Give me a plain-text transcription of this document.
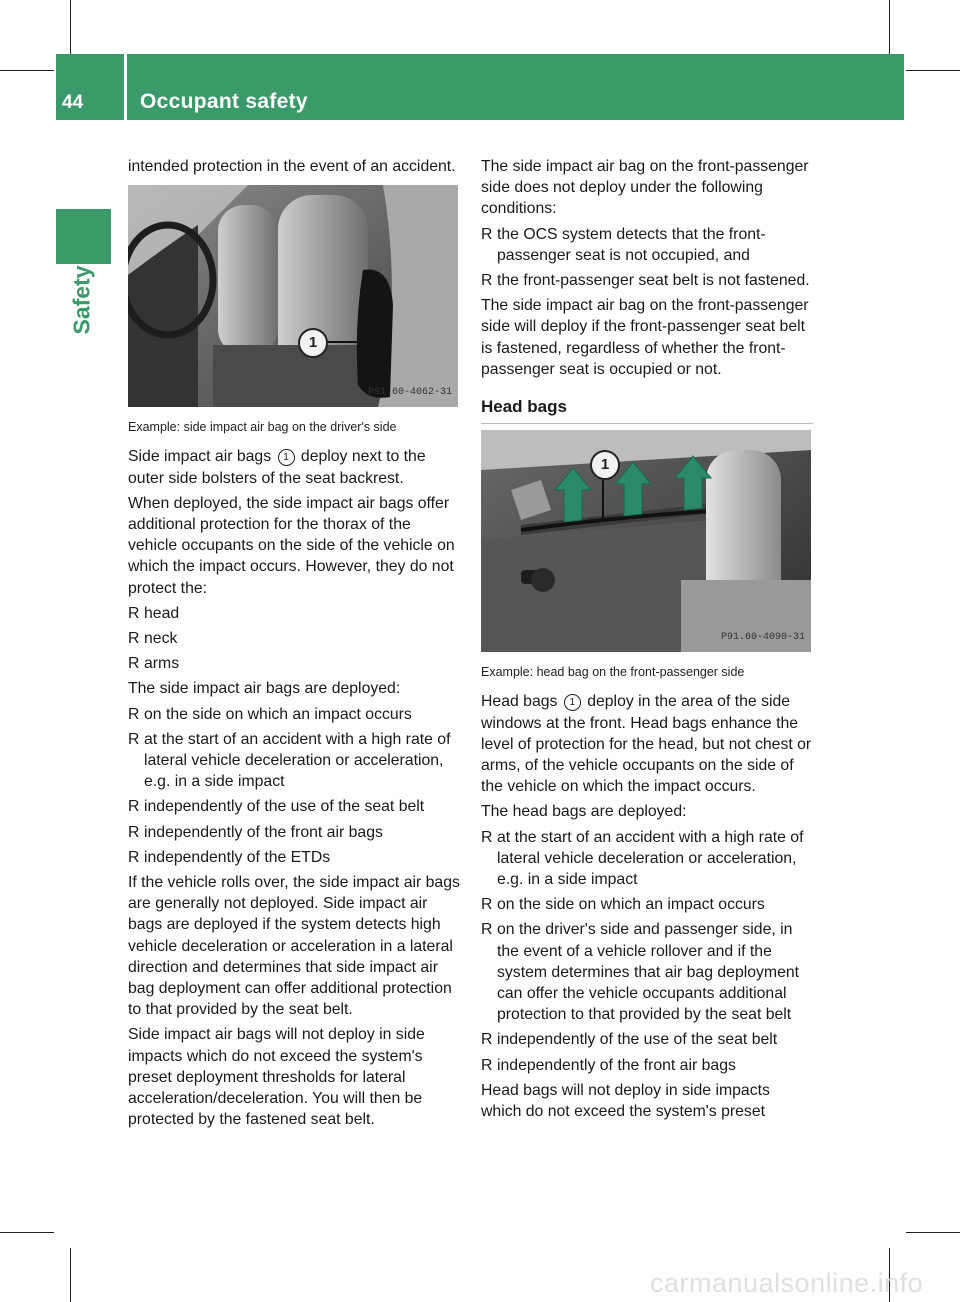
44	Occupant safety
Safety

intended protection in the event of an accident.

1
P91.60-4062-31
Example: side impact air bag on the driver's side

Side impact air bags 1 deploy next to the outer side bolsters of the seat backrest.

When deployed, the side impact air bags offer additional protection for the thorax of the vehicle occupants on the side of the vehicle on which the impact occurs. However, they do not protect the:

R head
R neck
R arms

The side impact air bags are deployed:

R on the side on which an impact occurs
R at the start of an accident with a high rate of lateral vehicle deceleration or acceleration, e.g. in a side impact
R independently of the use of the seat belt
R independently of the front air bags
R independently of the ETDs

If the vehicle rolls over, the side impact air bags are generally not deployed. Side impact air bags are deployed if the system detects high vehicle deceleration or acceleration in a lateral direction and determines that side impact air bag deployment can offer additional protection to that provided by the seat belt.

Side impact air bags will not deploy in side impacts which do not exceed the system's preset deployment thresholds for lateral acceleration/deceleration. You will then be protected by the fastened seat belt.

The side impact air bag on the front-passenger side does not deploy under the following conditions:

R the OCS system detects that the front-passenger seat is not occupied, and
R the front-passenger seat belt is not fastened.

The side impact air bag on the front-passenger side will deploy if the front-passenger seat belt is fastened, regardless of whether the front-passenger seat is occupied or not.

Head bags
1
P91.60-4090-31
Example: head bag on the front-passenger side

Head bags 1 deploy in the area of the side windows at the front. Head bags enhance the level of protection for the head, but not chest or arms, of the vehicle occupants on the side of the vehicle on which the impact occurs.

The head bags are deployed:

R at the start of an accident with a high rate of lateral vehicle deceleration or acceleration, e.g. in a side impact
R on the side on which an impact occurs
R on the driver's side and passenger side, in the event of a vehicle rollover and if the system determines that air bag deployment can offer the vehicle occupants additional protection to that provided by the seat belt
R independently of the use of the seat belt
R independently of the front air bags

Head bags will not deploy in side impacts which do not exceed the system's preset

carmanualsonline.info
